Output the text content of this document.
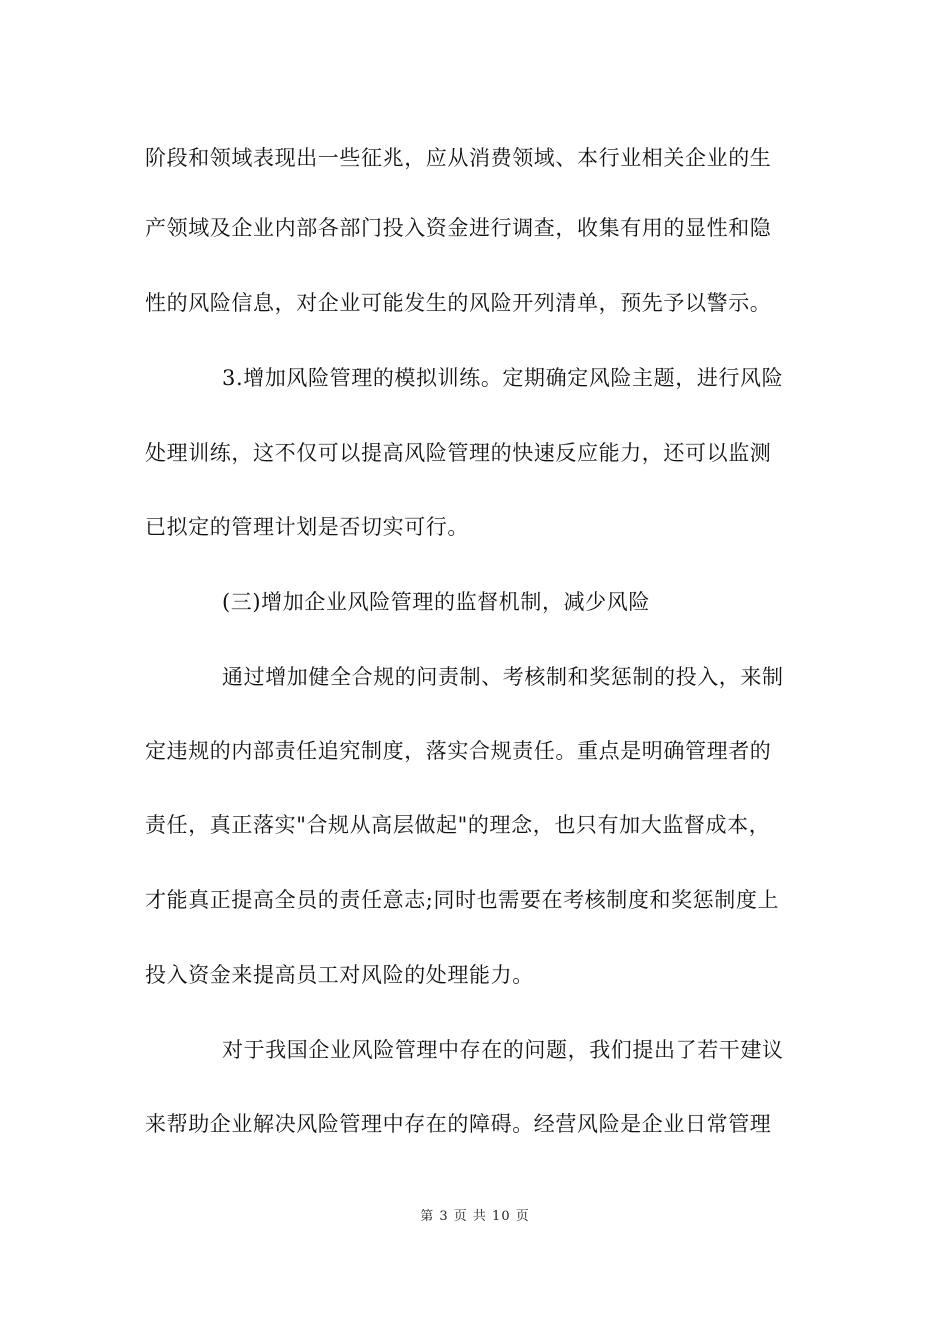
阶段和领域表现出一些征兆，应从消费领域、本行业相关企业的生
产领域及企业内部各部门投入资金进行调查，收集有用的显性和隐
性的风险信息，对企业可能发生的风险开列清单，预先予以警示。
3.增加风险管理的模拟训练。定期确定风险主题，进行风险
处理训练，这不仅可以提高风险管理的快速反应能力，还可以监测
已拟定的管理计划是否切实可行。
(三)增加企业风险管理的监督机制，减少风险
通过增加健全合规的问责制、考核制和奖惩制的投入，来制
定违规的内部责任追究制度，落实合规责任。重点是明确管理者的
责任，真正落实"合规从高层做起"的理念，也只有加大监督成本，
才能真正提高全员的责任意志;同时也需要在考核制度和奖惩制度上
投入资金来提高员工对风险的处理能力。
对于我国企业风险管理中存在的问题，我们提出了若干建议
来帮助企业解决风险管理中存在的障碍。经营风险是企业日常管理
第 3 页 共 10 页
